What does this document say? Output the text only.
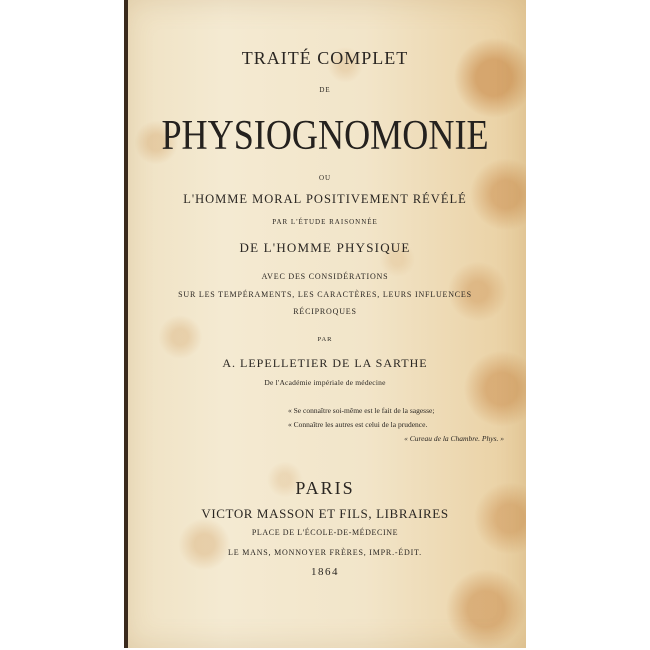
TRAITÉ COMPLET
DE
PHYSIOGNOMONIE
OU
L'HOMME MORAL POSITIVEMENT RÉVÉLÉ
PAR L'ÉTUDE RAISONNÉE
DE L'HOMME PHYSIQUE
AVEC DES CONSIDÉRATIONS
SUR LES TEMPÉRAMENTS, LES CARACTÈRES, LEURS INFLUENCES
RÉCIPROQUES
PAR
A. LEPELLETIER DE LA SARTHE
De l'Académie impériale de médecine
« Se connaître soi-même est le fait de la sagesse;
« Connaître les autres est celui de la prudence.
« Cureau de la Chambre. Phys. »
PARIS
VICTOR MASSON ET FILS, LIBRAIRES
PLACE DE L'ÉCOLE-DE-MÉDECINE
LE MANS, MONNOYER FRÈRES, IMPR.-ÉDIT.
1864
